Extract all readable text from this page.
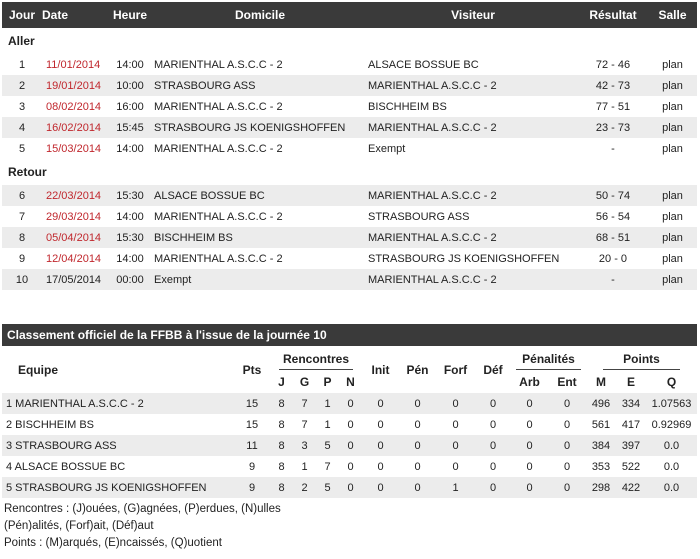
Jour Date	Heure	Domicile	Visiteur	Résultat	Salle
Aller
1	11/01/2014	14:00 MARIENTHAL A.S.C.C - 2	ALSACE BOSSUE BC	72 - 46	plan
2	19/01/2014	10:00 STRASBOURG ASS	MARIENTHAL A.S.C.C - 2	42 - 73	plan
3	08/02/2014	16:00 MARIENTHAL A.S.C.C - 2	BISCHHEIM BS	77 - 51	plan
4	16/02/2014	15:45 STRASBOURG JS KOENIGSHOFFEN	MARIENTHAL A.S.C.C - 2	23 - 73	plan
5	15/03/2014	14:00 MARIENTHAL A.S.C.C - 2	Exempt	-	plan
Retour
6	22/03/2014	15:30 ALSACE BOSSUE BC	MARIENTHAL A.S.C.C - 2	50 - 74	plan
7	29/03/2014	14:00 MARIENTHAL A.S.C.C - 2	STRASBOURG ASS	56 - 54	plan
8	05/04/2014	15:30 BISCHHEIM BS	MARIENTHAL A.S.C.C - 2	68 - 51	plan
9	12/04/2014	14:00 MARIENTHAL A.S.C.C - 2	STRASBOURG JS KOENIGSHOFFEN	20 - 0	plan
10	17/05/2014	00:00 Exempt	MARIENTHAL A.S.C.C - 2	-	plan
Classement officiel de la FFBB à l'issue de la journée 10
Equipe	Pts	Rencontres				Init	Pén	Forf	Déf	Pénalités		Points		
		J	G	P	N					Arb	Ent	M	E	Q
1 MARIENTHAL A.S.C.C - 2	15	8	7	1	0	0	0	0	0	0	0	496	334	1.07563
2 BISCHHEIM BS	15	8	7	1	0	0	0	0	0	0	0	561	417	0.92969
3 STRASBOURG ASS	11	8	3	5	0	0	0	0	0	0	0	384	397	0.0
4 ALSACE BOSSUE BC	9	8	1	7	0	0	0	0	0	0	0	353	522	0.0
5 STRASBOURG JS KOENIGSHOFFEN	9	8	2	5	0	0	0	1	0	0	0	298	422	0.0
Rencontres : (J)ouées, (G)agnées, (P)erdues, (N)ulles
(Pén)alités, (Forf)ait, (Déf)aut
Points : (M)arqués, (E)ncaissés, (Q)uotient
